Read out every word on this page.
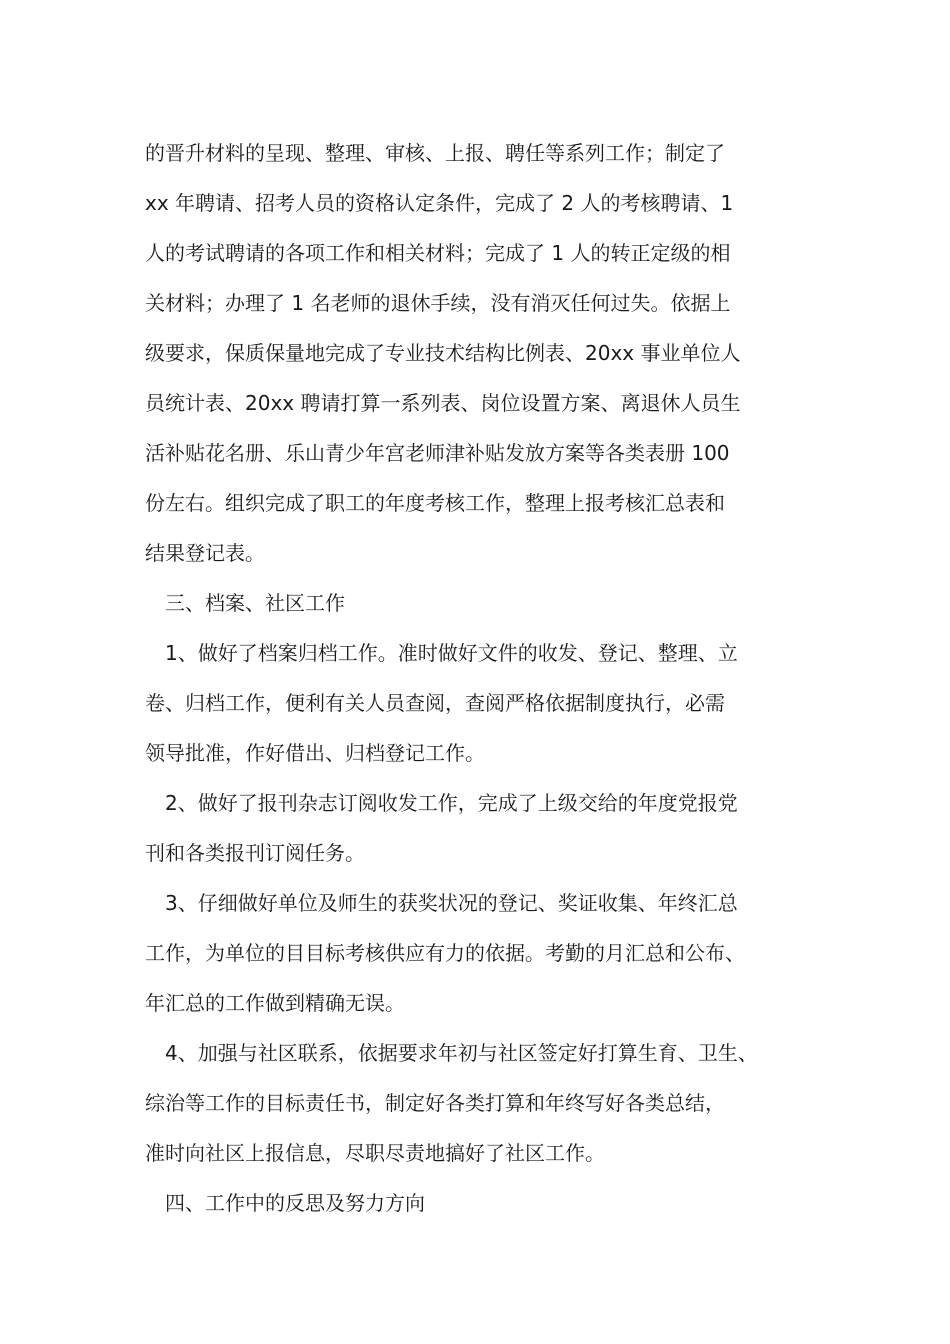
的晋升材料的呈现、整理、审核、上报、聘任等系列工作；制定了
xx 年聘请、招考人员的资格认定条件，完成了 2 人的考核聘请、1
人的考试聘请的各项工作和相关材料；完成了 1 人的转正定级的相
关材料；办理了 1 名老师的退休手续，没有消灭任何过失。依据上
级要求，保质保量地完成了专业技术结构比例表、20xx 事业单位人
员统计表、20xx 聘请打算一系列表、岗位设置方案、离退休人员生
活补贴花名册、乐山青少年宫老师津补贴发放方案等各类表册 100
份左右。组织完成了职工的年度考核工作，整理上报考核汇总表和
结果登记表。
三、档案、社区工作
1、做好了档案归档工作。准时做好文件的收发、登记、整理、立
卷、归档工作，便利有关人员查阅，查阅严格依据制度执行，必需
领导批准，作好借出、归档登记工作。
2、做好了报刊杂志订阅收发工作，完成了上级交给的年度党报党
刊和各类报刊订阅任务。
3、仔细做好单位及师生的获奖状况的登记、奖证收集、年终汇总
工作，为单位的目目标考核供应有力的依据。考勤的月汇总和公布、
年汇总的工作做到精确无误。
4、加强与社区联系，依据要求年初与社区签定好打算生育、卫生、
综治等工作的目标责任书，制定好各类打算和年终写好各类总结，
准时向社区上报信息，尽职尽责地搞好了社区工作。
四、工作中的反思及努力方向
